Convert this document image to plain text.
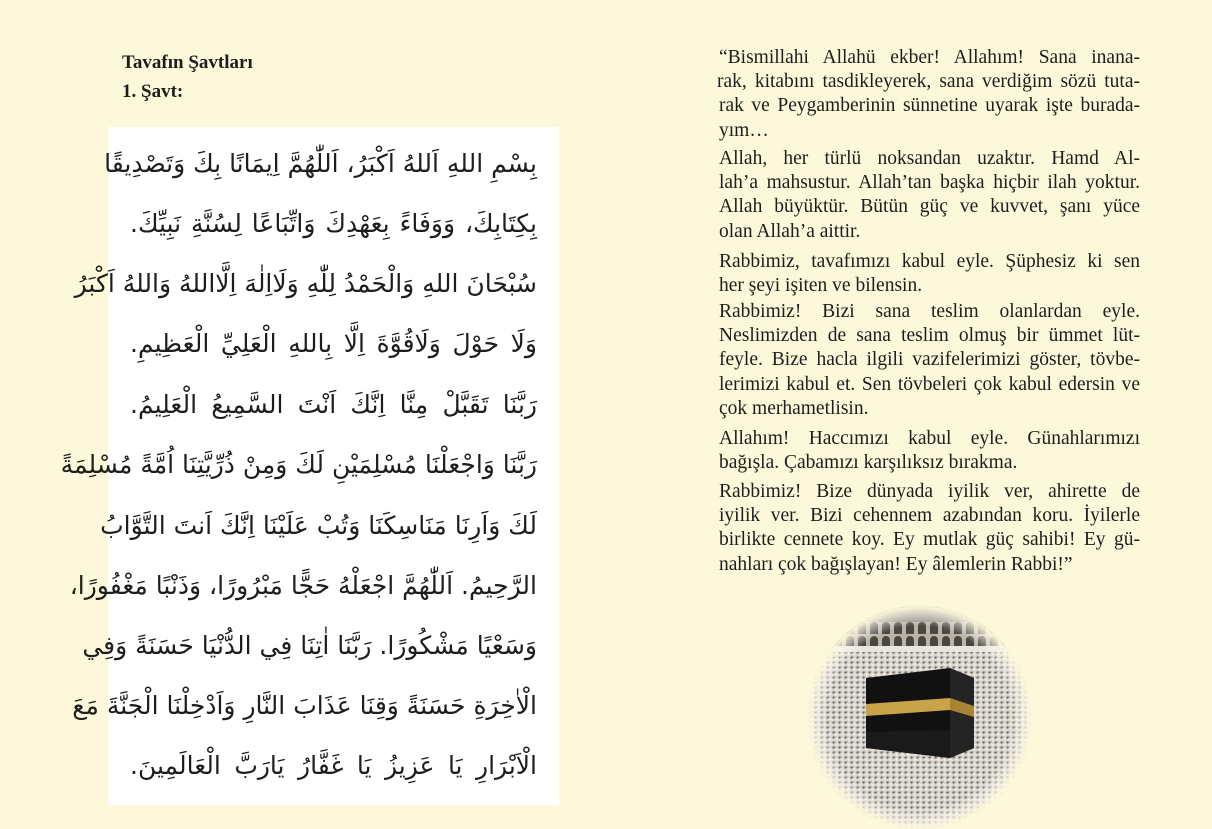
Tavafın Şavtları
1. Şavt:
بِسْمِ اللهِ اَللهُ اَكْبَرُ، اَللّٰهُمَّ اِيمَانًا بِكَ وَتَصْدِيقًا
بِكِتَابِكَ، وَوَفَاءً بِعَهْدِكَ وَاتِّبَاعًا لِسُنَّةِ نَبِيِّكَ.
سُبْحَانَ اللهِ وَالْحَمْدُ لِلّٰهِ وَلَااِلٰهَ اِلَّااللهُ وَاللهُ اَكْبَرُ
وَلَا حَوْلَ وَلَاقُوَّةَ اِلَّا بِاللهِ الْعَلِيِّ الْعَظِيمِ.
رَبَّنَا تَقَبَّلْ مِنَّا اِنَّكَ اَنْتَ السَّمِيعُ الْعَلِيمُ.
رَبَّنَا وَاجْعَلْنَا مُسْلِمَيْنِ لَكَ وَمِنْ ذُرِّيَّتِنَا اُمَّةً مُسْلِمَةً
لَكَ وَاَرِنَا مَنَاسِكَنَا وَتُبْ عَلَيْنَا اِنَّكَ اَنتَ التَّوَّابُ
الرَّحِيمُ. اَللّٰهُمَّ اجْعَلْهُ حَجًّا مَبْرُورًا، وَذَنْبًا مَغْفُورًا،
وَسَعْيًا مَشْكُورًا. رَبَّنَا اٰتِنَا فِي الدُّنْيَا حَسَنَةً وَفِي
الْاٰخِرَةِ حَسَنَةً وَقِنَا عَذَابَ النَّارِ وَاَدْخِلْنَا الْجَنَّةَ مَعَ
الْاَبْرَارِ يَا عَزِيزُ يَا غَفَّارُ يَارَبَّ الْعَالَمِينَ.
“Bismillahi Allahü ekber! Allahım! Sana inana-
rak, kitabını tasdikleyerek, sana verdiğim sözü tuta-
rak ve Peygamberinin sünnetine uyarak işte burada-
yım…
Allah, her türlü noksandan uzaktır. Hamd Al-
lah’a mahsustur. Allah’tan başka hiçbir ilah yoktur.
Allah büyüktür. Bütün güç ve kuvvet, şanı yüce
olan Allah’a aittir.
Rabbimiz, tavafımızı kabul eyle. Şüphesiz ki sen
her şeyi işiten ve bilensin.
Rabbimiz! Bizi sana teslim olanlardan eyle.
Neslimizden de sana teslim olmuş bir ümmet lüt-
feyle. Bize hacla ilgili vazifelerimizi göster, tövbe-
lerimizi kabul et. Sen tövbeleri çok kabul edersin ve
çok merhametlisin.
Allahım! Haccımızı kabul eyle. Günahlarımızı
bağışla. Çabamızı karşılıksız bırakma.
Rabbimiz! Bize dünyada iyilik ver, ahirette de
iyilik ver. Bizi cehennem azabından koru. İyilerle
birlikte cennete koy. Ey mutlak güç sahibi! Ey gü-
nahları çok bağışlayan! Ey âlemlerin Rabbi!”
